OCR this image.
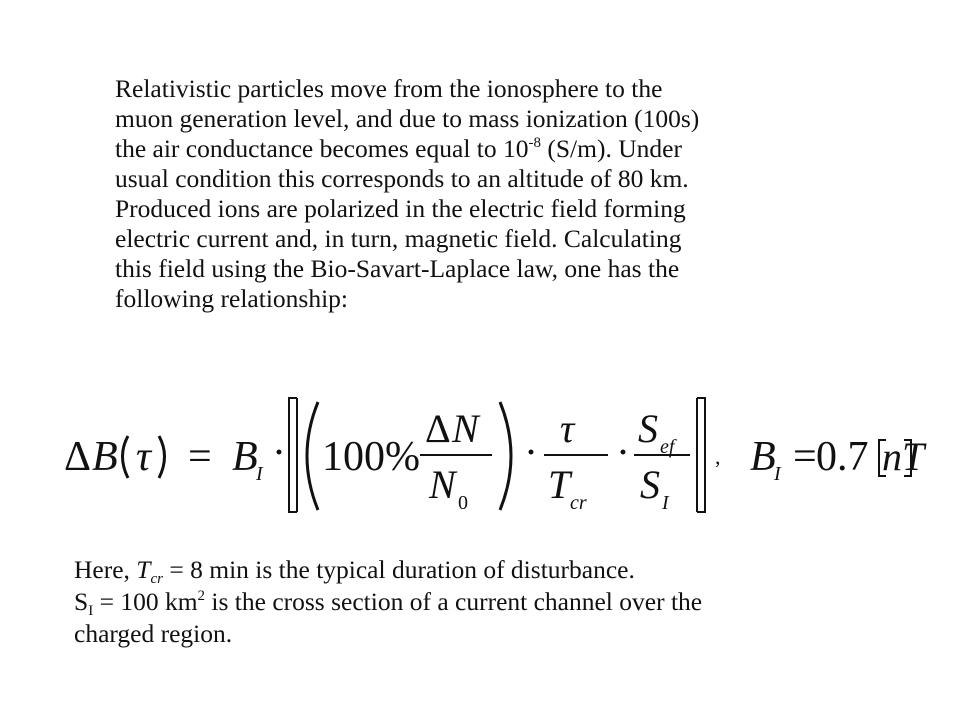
Relativistic particles move from the ionosphere to the
muon generation level, and due to mass ionization (100s)
the air conductance becomes equal to $10^{-8}$ (S/m). Under
usual condition this corresponds to an altitude of 80 km.
Produced ions are polarized in the electric field forming
electric current and, in turn, magnetic field. Calculating
this field using the Bio-Savart-Laplace law, one has the
following relationship:
Δ B τ = B
I · 100%
Δ N
N 0
·
τ
T cr
·
S ef
S I
, B
I = 0.7 nT
Here, $T_{cr} = 8$ min is the typical duration of disturbance.
$S_I = 100$ $km^2$ is the cross section of a current channel over the
charged region.
